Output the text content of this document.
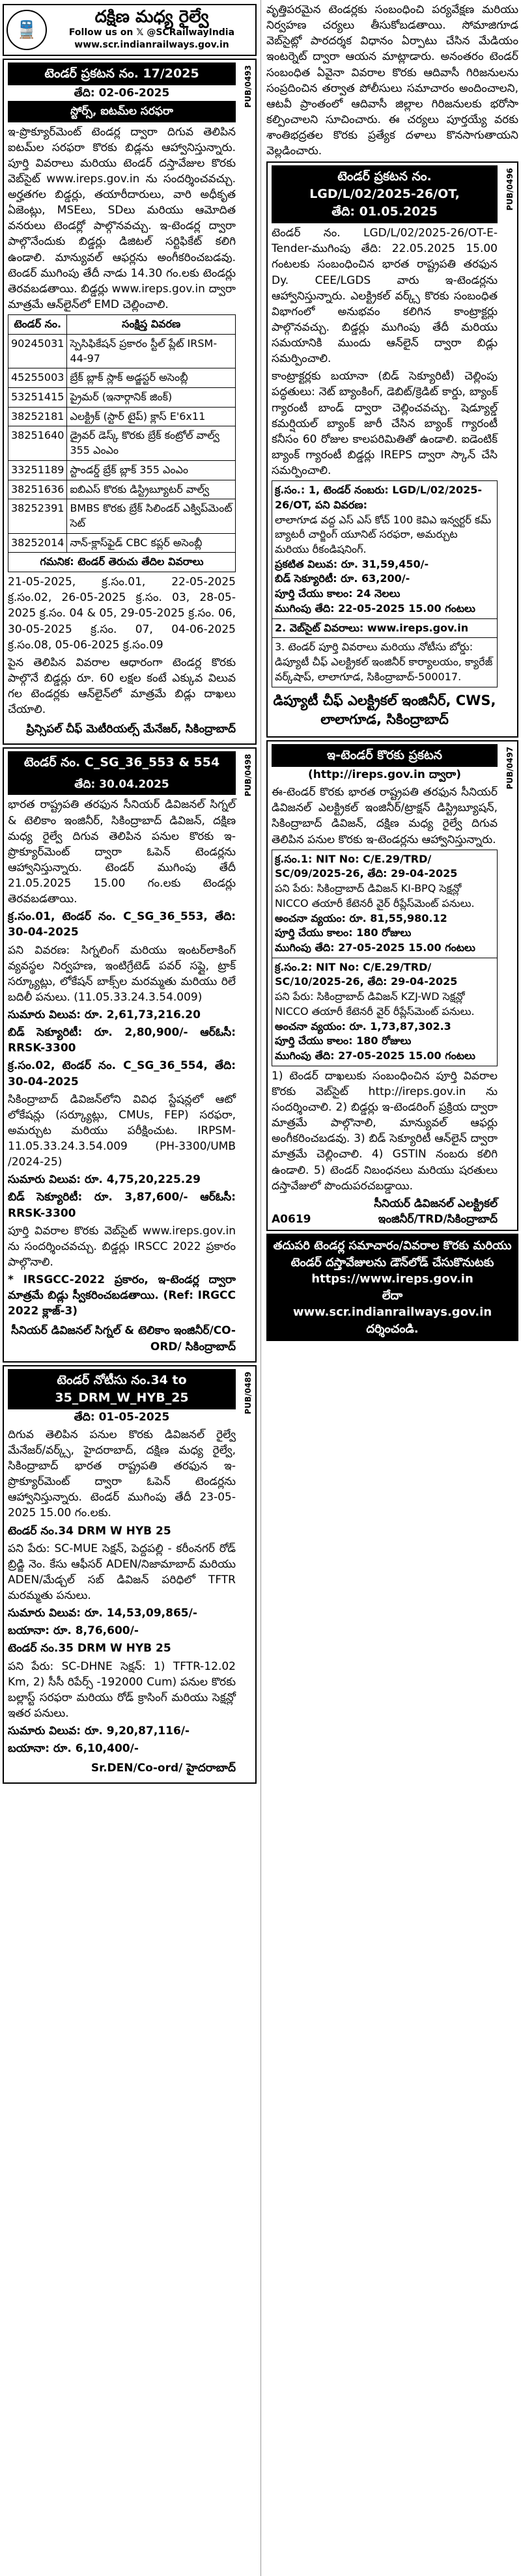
🚆
దక్షిణ మధ్య రైల్వే
Follow us on 𝕏 @SCRailwayIndia
www.scr.indianrailways.gov.in
PUB/0493
టెండర్ ప్రకటన నం. 17/2025
తేది: 02-06-2025
స్టోర్స్, ఐటమ్‌ల సరఫరా

ఇ-ప్రొక్యూర్‌మెంట్ టెండర్ల ద్వారా దిగువ తెలిపిన ఐటమ్‌ల సరఫరా కొరకు బిడ్లను ఆహ్వానిస్తున్నారు. పూర్తి వివరాలు మరియు టెండర్ దస్తావేజుల కొరకు వెబ్‌సైట్ www.ireps.gov.in ను సందర్శించవచ్చు. అర్హతగల బిడ్డర్లు, తయారీదారులు, వారి అధీకృత ఏజెంట్లు, MSEలు, SDలు మరియు ఆమోదిత వనరులు టెండర్లో పాల్గొనవచ్చు. ఇ-టెండర్ల ద్వారా పాల్గొనేందుకు బిడ్డర్లు డిజిటల్ సర్టిఫికేట్ కలిగి ఉండాలి. మాన్యువల్ ఆఫర్లను అంగీకరించబడవు. టెండర్ ముగింపు తేదీ నాడు 14.30 గం.లకు టెండర్లు తెరవబడతాయి. బిడ్డర్లు www.ireps.gov.in ద్వారా మాత్రమే ఆన్‌లైన్‌లో EMD చెల్లించాలి.

టెండర్ నం.	సంక్షిప్త వివరణ
90245031	స్పెసిఫికేషన్ ప్రకారం స్టీల్ ప్లేట్ IRSM-44-97
45255003	బ్రేక్ బ్లాక్ స్లాక్ అడ్జస్టర్ అసెంబ్లీ
53251415	ప్రైమర్ (ఇనార్గానిక్ జింక్)
38252181	ఎలక్ట్రిక్ (స్టార్ టైప్) క్లాస్ E'6x11
38251640	డ్రైవర్ డెస్క్ కొరకు బ్రేక్ కంట్రోల్ వాల్వ్ 355 ఎంఎం
33251189	స్టాండర్డ్ బ్రేక్ బ్లాక్ 355 ఎంఎం
38251636	ఐబిఎస్ కొరకు డిస్ట్రిబ్యూటర్ వాల్వ్
38252391	BMBS కొరకు బ్రేక్ సిలిండర్ ఎక్విప్‌మెంట్ సెట్
38252014	నాన్-క్లాస్‌ఫైడ్ CBC కప్లర్ అసెంబ్లీ
గమనిక: టెండర్ తెరుచు తేదిల వివరాలు	

21-05-2025, క్ర.సం.01, 22-05-2025 క్ర.సం.02, 26-05-2025 క్ర.సం. 03, 28-05-2025 క్ర.సం. 04 & 05, 29-05-2025 క్ర.సం. 06, 30-05-2025 క్ర.సం. 07, 04-06-2025 క్ర.సం.08, 05-06-2025 క్ర.సం.09

పైన తెలిపిన వివరాల ఆధారంగా టెండర్ల కొరకు పాల్గొనే బిడ్డర్లు రూ. 60 లక్షల కంటే ఎక్కువ విలువ గల టెండర్లకు ఆన్‌లైన్‌లో మాత్రమే బిడ్లు దాఖలు చేయాలి.

ప్రిన్సిపల్ చీఫ్ మెటీరియల్స్ మేనేజర్, సికింద్రాబాద్
PUB/0498
టెండర్ నం. C_SG_36_553 & 554
తేది: 30.04.2025

భారత రాష్ట్రపతి తరఫున సీనియర్ డివిజనల్ సిగ్నల్ & టెలికాం ఇంజినీర్, సికింద్రాబాద్ డివిజన్, దక్షిణ మధ్య రైల్వే దిగువ తెలిపిన పనుల కొరకు ఇ-ప్రొక్యూర్‌మెంట్ ద్వారా ఓపెన్ టెండర్లను ఆహ్వానిస్తున్నారు. టెండర్ ముగింపు తేదీ 21.05.2025 15.00 గం.లకు టెండర్లు తెరవబడతాయి.

క్ర.సం.01, టెండర్ నం. C_SG_36_553, తేది: 30-04-2025

పని వివరణ: సిగ్నలింగ్ మరియు ఇంటర్‌లాకింగ్ వ్యవస్థల నిర్వహణ, ఇంటిగ్రేటెడ్ పవర్ సప్లై, ట్రాక్ సర్క్యూట్లు, లోకేషన్ బాక్స్‌ల మరమ్మతు మరియు రిలే బదిలీ పనులు. (11.05.33.24.3.54.009)

సుమారు విలువ: రూ. 2,61,73,216.20

బిడ్ సెక్యూరిటీ: రూ. 2,80,900/- ఆర్‌ఓసీ: RRSK-3300

క్ర.సం.02, టెండర్ నం. C_SG_36_554, తేది: 30-04-2025

సికింద్రాబాద్ డివిజన్‌లోని వివిధ స్టేషన్లలో ఆటో లోకేషన్లు (సర్క్యూట్లు, CMUs, FEP) సరఫరా, అమర్చుట మరియు పరీక్షించుట. IRPSM-11.05.33.24.3.54.009 (PH-3300/UMB /2024-25)

సుమారు విలువ: రూ. 4,75,20,225.29

బిడ్ సెక్యూరిటీ: రూ. 3,87,600/- ఆర్‌ఓసీ: RRSK-3300

పూర్తి వివరాల కొరకు వెబ్‌సైట్ www.ireps.gov.in ను సందర్శించవచ్చు. బిడ్డర్లు IRSCC 2022 ప్రకారం పాల్గొనాలి.

* IRSGCC-2022 ప్రకారం, ఇ-టెండర్ల ద్వారా మాత్రమే బిడ్లు స్వీకరించబడతాయి. (Ref: IRGCC 2022 క్లాజ్-3)

సీనియర్ డివిజనల్ సిగ్నల్ & టెలికాం ఇంజినీర్/CO-ORD/ సికింద్రాబాద్
PUB/0489
టెండర్ నోటీసు నం.34 to 35_DRM_W_HYB_25
తేది: 01-05-2025

దిగువ తెలిపిన పనుల కొరకు డివిజనల్ రైల్వే మేనేజర్/వర్క్స్, హైదరాబాద్, దక్షిణ మధ్య రైల్వే, సికింద్రాబాద్ భారత రాష్ట్రపతి తరఫున ఇ-ప్రొక్యూర్‌మెంట్ ద్వారా ఓపెన్ టెండర్లను ఆహ్వానిస్తున్నారు. టెండర్ ముగింపు తేదీ 23-05-2025 15.00 గం.లకు.

టెండర్ నం.34 DRM W HYB 25

పని పేరు: SC-MUE సెక్షన్, పెద్దపల్లి - కరీంనగర్ రోడ్ బ్రిడ్జి నెం. కేసు ఆఫీసర్ ADEN/నిజామాబాద్ మరియు ADEN/మేడ్చల్ సబ్ డివిజన్ పరిధిలో TFTR మరమ్మతు పనులు.

సుమారు విలువ: రూ. 14,53,09,865/-

బయానా: రూ. 8,76,600/-

టెండర్ నం.35 DRM W HYB 25

పని పేరు: SC-DHNE సెక్షన్: 1) TFTR-12.02 Km, 2) సీసీ రిపేర్స్ -192000 Cum) పనుల కొరకు బల్లాస్ట్ సరఫరా మరియు రోడ్ క్రాసింగ్ మరియు సెక్షన్లో ఇతర పనులు.

సుమారు విలువ: రూ. 9,20,87,116/-

బయానా: రూ. 6,10,400/-

Sr.DEN/Co-ord/ హైదరాబాద్

వృత్తిపరమైన టెండర్లకు సంబంధించి పర్యవేక్షణ మరియు నిర్వహణ చర్యలు తీసుకోబడతాయి. సోమాజిగూడ వెబ్‌సైట్లో పారదర్శక విధానం ఏర్పాటు చేసిన మేడియం ఇంటర్నెట్ ద్వారా ఆయన మాట్లాడారు. అనంతరం టెండర్ సంబంధిత ఏవైనా వివరాల కొరకు ఆదివాసీ గిరిజనులను సంప్రదించిన తర్వాత పోలీసులు సమాచారం అందించాలని, ఆటవీ ప్రాంతంలో ఆదివాసీ జిల్లాల గిరిజనులకు భరోసా కల్పించాలని సూచించారు. ఈ చర్యలు పూర్తయ్యే వరకు శాంతిభద్రతల కొరకు ప్రత్యేక దళాలు కొనసాగుతాయని వెల్లడించారు.

PUB/0496
టెండర్ ప్రకటన నం.
LGD/L/02/2025-26/OT,
తేది: 01.05.2025

టెండర్ నం. LGD/L/02/2025-26/OT-E-Tender-ముగింపు తేది: 22.05.2025 15.00 గంటలకు సంబంధించిన భారత రాష్ట్రపతి తరఫున Dy. CEE/LGDS వారు ఇ-టెండర్లను ఆహ్వానిస్తున్నారు. ఎలక్ట్రికల్ వర్క్స్ కొరకు సంబంధిత విభాగంలో అనుభవం కలిగిన కాంట్రాక్టర్లు పాల్గొనవచ్చు. బిడ్డర్లు ముగింపు తేదీ మరియు సమయానికి ముందు ఆన్‌లైన్ ద్వారా బిడ్లు సమర్పించాలి.

కాంట్రాక్టర్లకు బయానా (బిడ్ సెక్యూరిటీ) చెల్లింపు పద్ధతులు: నెట్ బ్యాంకింగ్, డెబిట్/క్రెడిట్ కార్డు, బ్యాంక్ గ్యారంటీ బాండ్ ద్వారా చెల్లించవచ్చు. షెడ్యూల్డ్ కమర్షియల్ బ్యాంక్ జారీ చేసిన బ్యాంక్ గ్యారంటీ కనీసం 60 రోజుల కాలపరిమితితో ఉండాలి. ఐడెంటిక్ బ్యాంక్ గ్యారంటీ బిడ్డర్లు IREPS ద్వారా స్కాన్ చేసి సమర్పించాలి.

క్ర.సం.: 1, టెండర్ నంబరు: LGD/L/02/2025-26/OT, పని వివరణ:
లాలాగూడ వద్ద ఎస్ ఎస్ కోచ్ 100 కెవిఎ ఇన్వర్టర్ కమ్ బ్యాటరీ చార్జింగ్ యూనిట్ సరఫరా, అమర్చుట మరియు రీకండిషనింగ్.
ప్రకటిత విలువ: రూ. 31,59,450/-
బిడ్ సెక్యూరిటీ: రూ. 63,200/-
పూర్తి చేయు కాలం: 24 నెలలు
ముగింపు తేది: 22-05-2025 15.00 గంటలు

2. వెబ్‌సైట్ వివరాలు: www.ireps.gov.in
3. టెండర్ పూర్తి వివరాలు మరియు నోటీసు బోర్డు: డిప్యూటీ చీఫ్ ఎలక్ట్రికల్ ఇంజినీర్ కార్యాలయం, క్యారేజ్ వర్క్‌షాప్, లాలాగూడ, సికింద్రాబాద్-500017.
డిప్యూటీ చీఫ్ ఎలక్ట్రికల్ ఇంజినీర్, CWS, లాలాగూడ, సికింద్రాబాద్
PUB/0497
ఇ-టెండర్ కొరకు ప్రకటన
(http://ireps.gov.in ద్వారా)

ఈ-టెండర్ కొరకు భారత రాష్ట్రపతి తరఫున సీనియర్ డివిజనల్ ఎలక్ట్రికల్ ఇంజినీర్/ట్రాక్షన్ డిస్ట్రిబ్యూషన్, సికింద్రాబాద్ డివిజన్, దక్షిణ మధ్య రైల్వే దిగువ తెలిపిన పనుల కొరకు ఇ-టెండర్లను ఆహ్వానిస్తున్నారు.

క్ర.సం.1: NIT No: C/E.29/TRD/ SC/09/2025-26, తేది: 29-04-2025
పని పేరు: సికింద్రాబాద్ డివిజన్ KI-BPQ సెక్షన్లో NICCO తయారీ కేటెనరీ వైర్ రీప్లేస్‌మెంట్ పనులు.
అంచనా వ్యయం: రూ. 81,55,980.12
పూర్తి చేయు కాలం: 180 రోజులు
ముగింపు తేది: 27-05-2025 15.00 గంటలు

క్ర.సం.2: NIT No: C/E.29/TRD/ SC/10/2025-26, తేది: 29-04-2025
పని పేరు: సికింద్రాబాద్ డివిజన్ KZJ-WD సెక్షన్లో NICCO తయారీ కేటెనరీ వైర్ రీప్లేస్‌మెంట్ పనులు.
అంచనా వ్యయం: రూ. 1,73,87,302.3
పూర్తి చేయు కాలం: 180 రోజులు
ముగింపు తేది: 27-05-2025 15.00 గంటలు

1) టెండర్ దాఖలుకు సంబంధించిన పూర్తి వివరాల కొరకు వెబ్‌సైట్ http://ireps.gov.in ను సందర్శించాలి. 2) బిడ్డర్లు ఇ-టెండరింగ్ ప్రక్రియ ద్వారా మాత్రమే పాల్గొనాలి, మాన్యువల్ ఆఫర్లు అంగీకరించబడవు. 3) బిడ్ సెక్యూరిటీ ఆన్‌లైన్ ద్వారా మాత్రమే చెల్లించాలి. 4) GSTIN నంబరు కలిగి ఉండాలి. 5) టెండర్ నిబంధనలు మరియు షరతులు దస్తావేజులో పొందుపరచబడ్డాయి.

A0619
సీనియర్ డివిజనల్ ఎలక్ట్రికల్ ఇంజినీర్/TRD/సికింద్రాబాద్
తదుపరి టెండర్ల సమాచారం/వివరాల కొరకు మరియు టెండర్ దస్తావేజులను డౌన్‌లోడ్ చేసుకొనుటకు
https://www.ireps.gov.in
లేదా
www.scr.indianrailways.gov.in
దర్శించండి.
